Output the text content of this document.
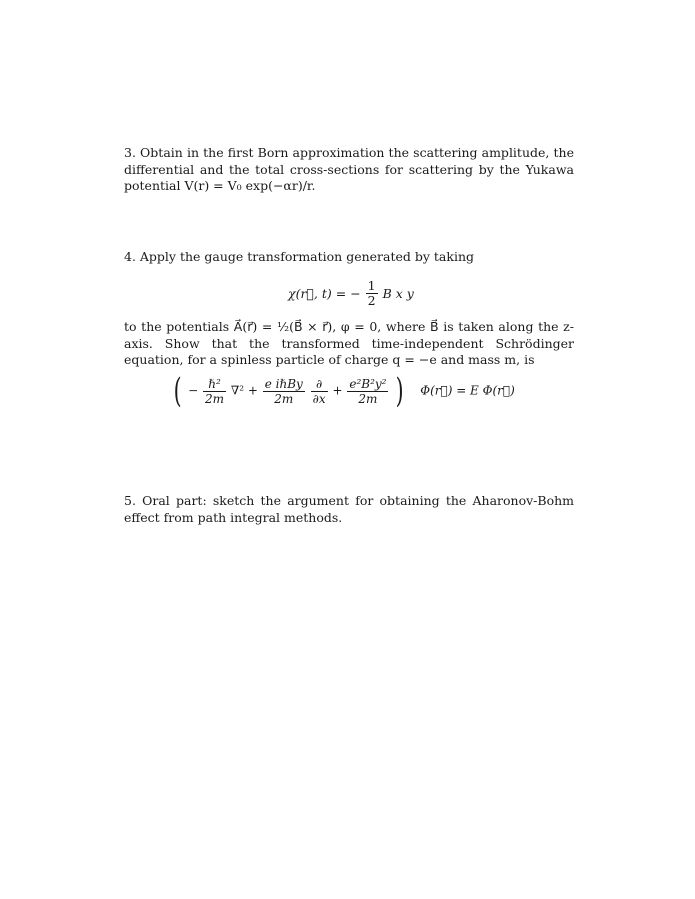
3. Obtain in the first Born approximation the scattering amplitude, the differential and the total cross-sections for scattering by the Yukawa potential V(r) = V₀ exp(−αr)/r.
4. Apply the gauge transformation generated by taking
χ(r⃗, t) = − $\frac{1}{2}$ B x y
to the potentials A⃗(r⃗) = ½(B⃗ × r⃗), φ = 0, where B⃗ is taken along the z-axis. Show that the transformed time-independent Schrödinger equation, for a spinless particle of charge q = −e and mass m, is
( − $\frac{\text{ℏ²}}{2m} \nabla^2 + \frac{\text{e iℏBy}}{2m}$
$\frac{\partial}{\partial x} + \frac{\text{e²B²y²}}{2m}$ ) Φ(r⃗) = E Φ(r⃗)
5. Oral part: sketch the argument for obtaining the Aharonov-Bohm effect from path integral methods.
